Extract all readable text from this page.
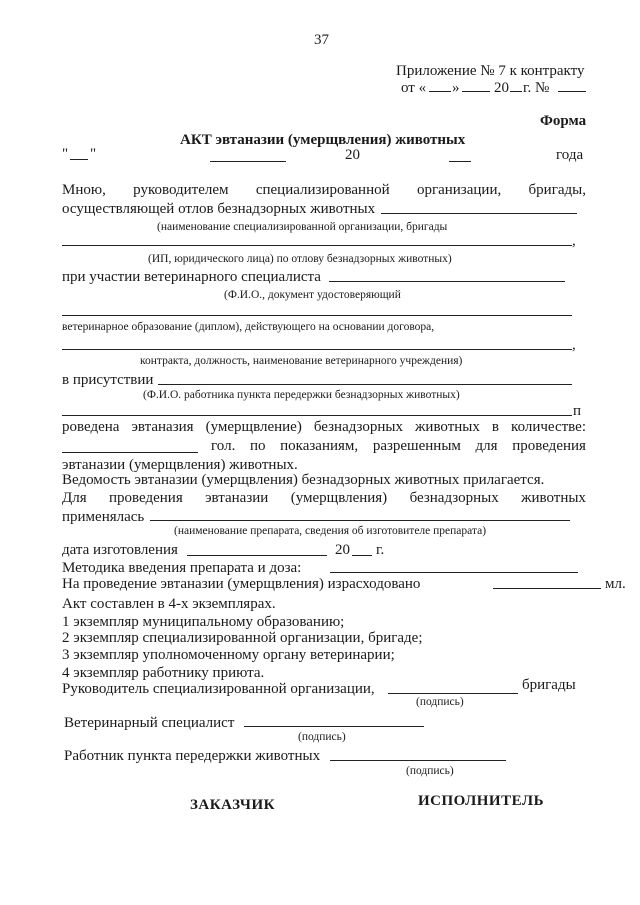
37
Приложение № 7 к контракту
от « » 20 г. №
Форма
АКТ эвтаназии (умерщвления) животных
" "	20	года
Мною, руководителем специализированной организации, бригады,
осуществляющей отлов безнадзорных животных
(наименование специализированной организации, бригады
,
(ИП, юридического лица) по отлову безнадзорных животных)
при участии ветеринарного специалиста
(Ф.И.О., документ удостоверяющий
ветеринарное образование (диплом), действующего на основании договора,
,
контракта, должность, наименование ветеринарного учреждения)
в присутствии
(Ф.И.О. работника пункта передержки безнадзорных животных)
п
роведена эвтаназия (умерщвление) безнадзорных животных в количестве:
гол. по показаниям, разрешенным для проведения
эвтаназии (умерщвления) животных.
Ведомость эвтаназии (умерщвления) безнадзорных животных прилагается.
Для проведения эвтаназии (умерщвления) безнадзорных животных
применялась
(наименование препарата, сведения об изготовителе препарата)
дата изготовления	20 г.
Методика введения препарата и доза:
На проведение эвтаназии (умерщвления) израсходовано	мл.
Акт составлен в 4-х экземплярах.
1 экземпляр муниципальному образованию;
2 экземпляр специализированной организации, бригаде;
3 экземпляр уполномоченному органу ветеринарии;
4 экземпляр работнику приюта.
Руководитель специализированной организации,	бригады
(подпись)
Ветеринарный специалист
(подпись)
Работник пункта передержки животных
(подпись)
ЗАКАЗЧИК	ИСПОЛНИТЕЛЬ
